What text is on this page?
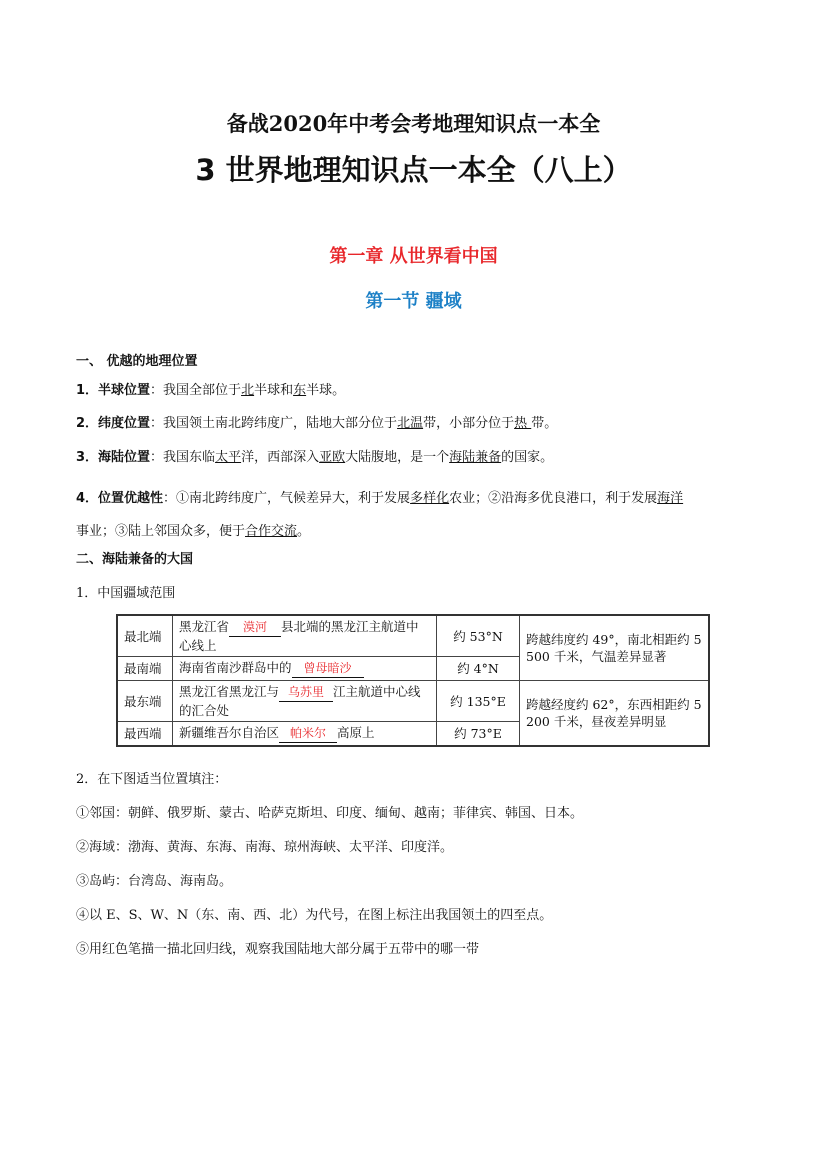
备战2020年中考会考地理知识点一本全
3 世界地理知识点一本全（八上）
第一章 从世界看中国
第一节 疆域
一、 优越的地理位置
1．半球位置：我国全部位于北半球和东半球。
2．纬度位置：我国领土南北跨纬度广，陆地大部分位于北温带，小部分位于热 带。
3．海陆位置：我国东临太平洋，西部深入亚欧大陆腹地，是一个海陆兼备的国家。
4．位置优越性：①南北跨纬度广，气候差异大，利于发展多样化农业；②沿海多优良港口，利于发展海洋
事业；③陆上邻国众多，便于合作交流。
二、海陆兼备的大国
1．中国疆域范围
最北端	黑龙江省 漠河 县北端的黑龙江主航道中心线上	约 53°N	跨越纬度约 49°，南北相距约 5 500 千米，气温差异显著
最南端	海南省南沙群岛中的 曾母暗沙	约 4°N	
最东端	黑龙江省黑龙江与 乌苏里 江主航道中心线的汇合处	约 135°E	跨越经度约 62°，东西相距约 5 200 千米，昼夜差异明显
最西端	新疆维吾尔自治区 帕米尔 高原上	约 73°E	
2．在下图适当位置填注：
①邻国：朝鲜、俄罗斯、蒙古、哈萨克斯坦、印度、缅甸、越南；菲律宾、韩国、日本。
②海域：渤海、黄海、东海、南海、琼州海峡、太平洋、印度洋。
③岛屿：台湾岛、海南岛。
④以 E、S、W、N（东、南、西、北）为代号，在图上标注出我国领土的四至点。
⑤用红色笔描一描北回归线，观察我国陆地大部分属于五带中的哪一带
